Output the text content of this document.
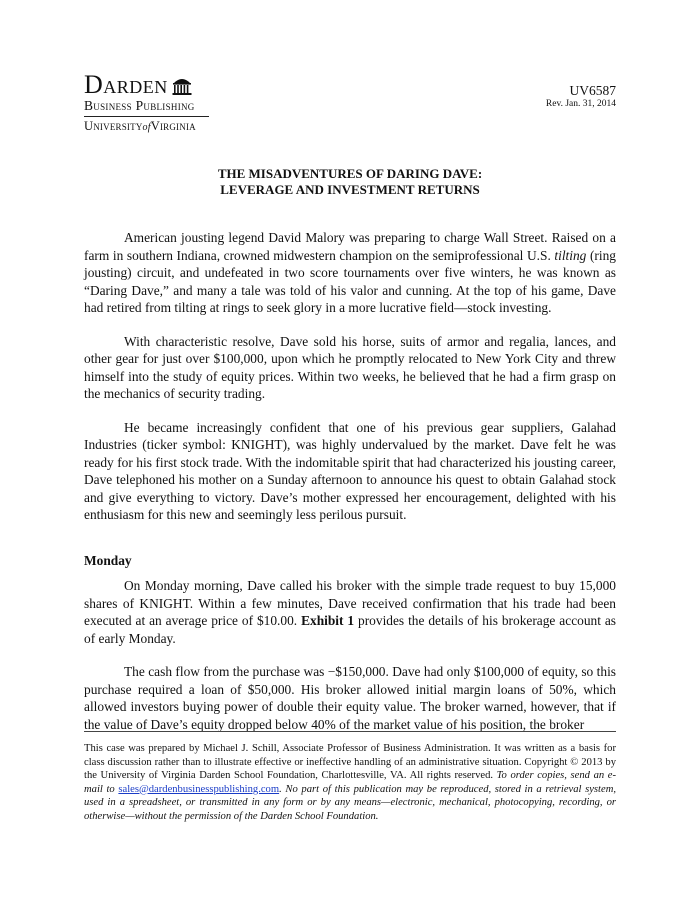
Darden
Business Publishing
UniversityofVirginia
UV6587
Rev. Jan. 31, 2014
THE MISADVENTURES OF DARING DAVE:
LEVERAGE AND INVESTMENT RETURNS

American jousting legend David Malory was preparing to charge Wall Street. Raised on a farm in southern Indiana, crowned midwestern champion on the semiprofessional U.S. tilting (ring jousting) circuit, and undefeated in two score tournaments over five winters, he was known as “Daring Dave,” and many a tale was told of his valor and cunning. At the top of his game, Dave had retired from tilting at rings to seek glory in a more lucrative field—stock investing.

With characteristic resolve, Dave sold his horse, suits of armor and regalia, lances, and other gear for just over $100,000, upon which he promptly relocated to New York City and threw himself into the study of equity prices. Within two weeks, he believed that he had a firm grasp on the mechanics of security trading.

He became increasingly confident that one of his previous gear suppliers, Galahad Industries (ticker symbol: KNIGHT), was highly undervalued by the market. Dave felt he was ready for his first stock trade. With the indomitable spirit that had characterized his jousting career, Dave telephoned his mother on a Sunday afternoon to announce his quest to obtain Galahad stock and give everything to victory. Dave’s mother expressed her encouragement, delighted with his enthusiasm for this new and seemingly less perilous pursuit.

Monday

On Monday morning, Dave called his broker with the simple trade request to buy 15,000 shares of KNIGHT. Within a few minutes, Dave received confirmation that his trade had been executed at an average price of $10.00. Exhibit 1 provides the details of his brokerage account as of early Monday.

The cash flow from the purchase was −$150,000. Dave had only $100,000 of equity, so this purchase required a loan of $50,000. His broker allowed initial margin loans of 50%, which allowed investors buying power of double their equity value. The broker warned, however, that if the value of Dave’s equity dropped below 40% of the market value of his position, the broker

This case was prepared by Michael J. Schill, Associate Professor of Business Administration. It was written as a basis for class discussion rather than to illustrate effective or ineffective handling of an administrative situation. Copyright © 2013 by the University of Virginia Darden School Foundation, Charlottesville, VA. All rights reserved. To order copies, send an e-mail to sales@dardenbusinesspublishing.com. No part of this publication may be reproduced, stored in a retrieval system, used in a spreadsheet, or transmitted in any form or by any means—electronic, mechanical, photocopying, recording, or otherwise—without the permission of the Darden School Foundation.
